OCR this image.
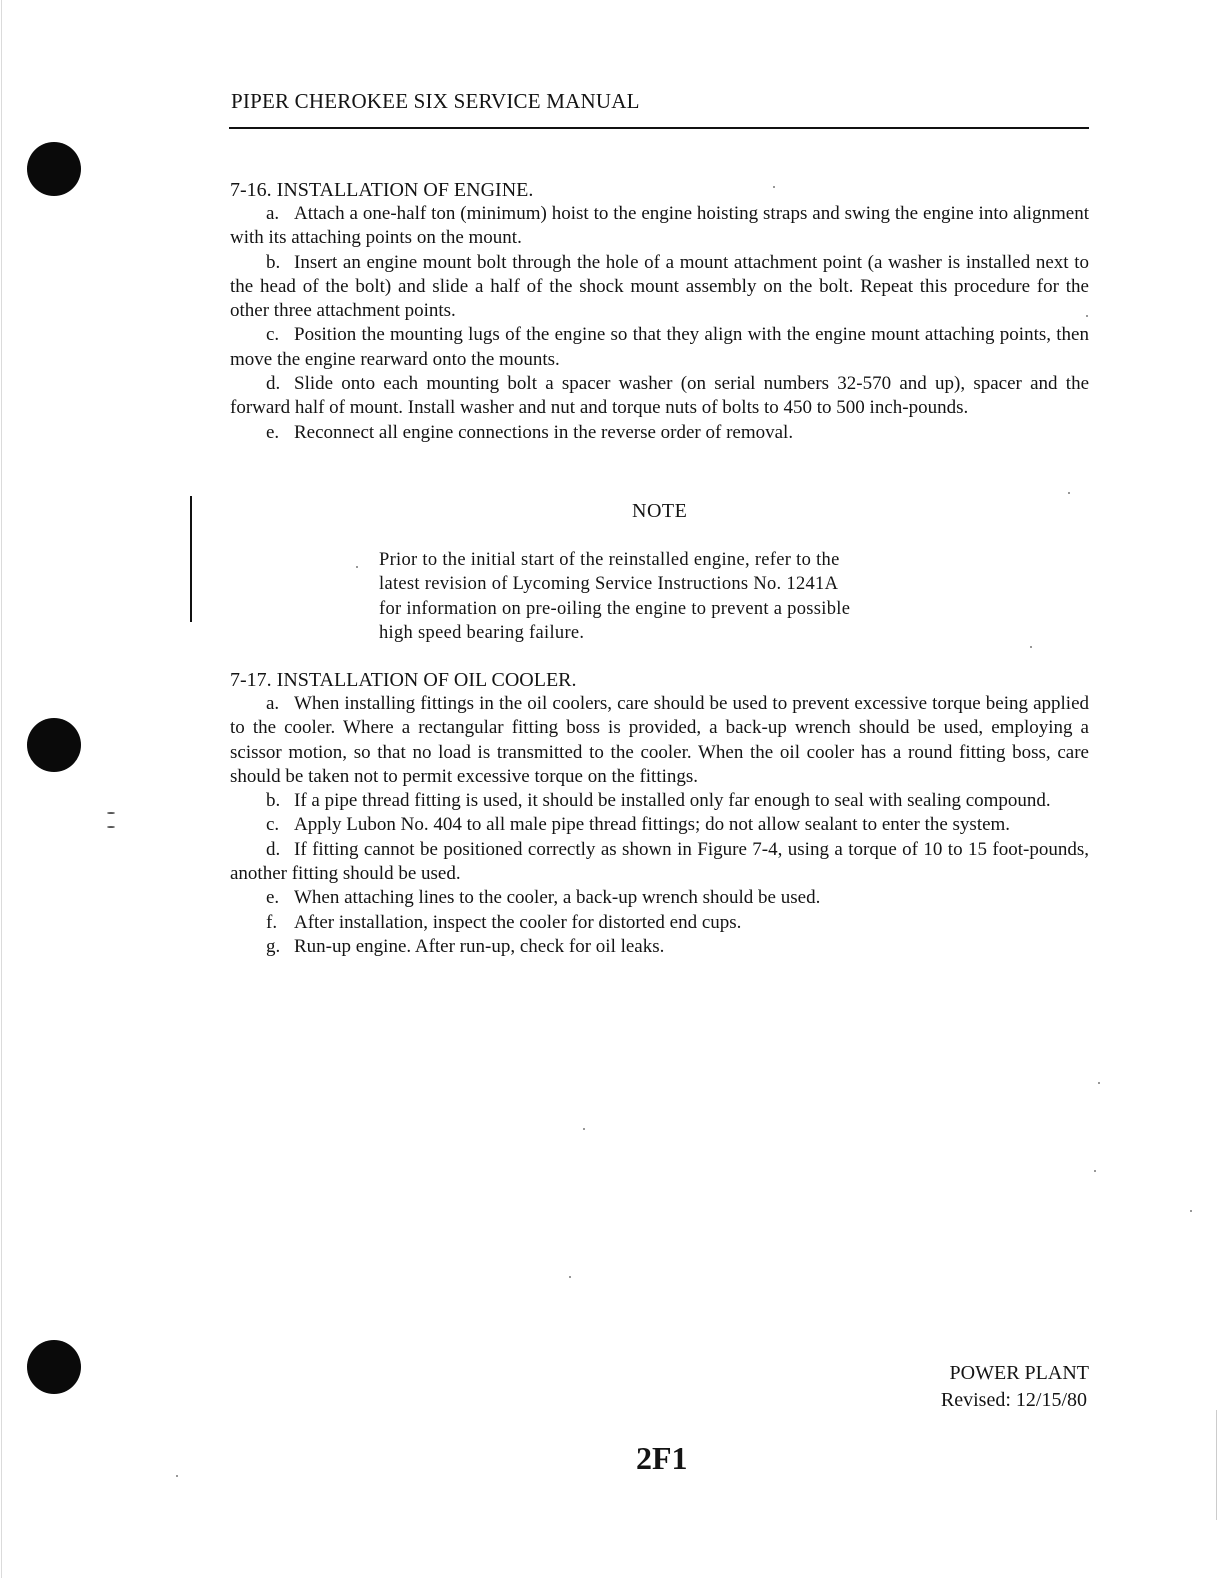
PIPER CHEROKEE SIX SERVICE MANUAL
7-16. INSTALLATION OF ENGINE.

a. Attach a one-half ton (minimum) hoist to the engine hoisting straps and swing the engine into alignment with its attaching points on the mount.

b. Insert an engine mount bolt through the hole of a mount attachment point (a washer is installed next to the head of the bolt) and slide a half of the shock mount assembly on the bolt. Repeat this procedure for the other three attachment points.

c. Position the mounting lugs of the engine so that they align with the engine mount attaching points, then move the engine rearward onto the mounts.

d. Slide onto each mounting bolt a spacer washer (on serial numbers 32-570 and up), spacer and the forward half of mount. Install washer and nut and torque nuts of bolts to 450 to 500 inch-pounds.

e. Reconnect all engine connections in the reverse order of removal.

NOTE
Prior to the initial start of the reinstalled engine, refer to the
latest revision of Lycoming Service Instructions No. 1241A
for information on pre-oiling the engine to prevent a possible
high speed bearing failure.
7-17. INSTALLATION OF OIL COOLER.

a. When installing fittings in the oil coolers, care should be used to prevent excessive torque being applied to the cooler. Where a rectangular fitting boss is provided, a back-up wrench should be used, employing a scissor motion, so that no load is transmitted to the cooler. When the oil cooler has a round fitting boss, care should be taken not to permit excessive torque on the fittings.

b. If a pipe thread fitting is used, it should be installed only far enough to seal with sealing compound.

c. Apply Lubon No. 404 to all male pipe thread fittings; do not allow sealant to enter the system.

d. If fitting cannot be positioned correctly as shown in Figure 7-4, using a torque of 10 to 15 foot-pounds, another fitting should be used.

e. When attaching lines to the cooler, a back-up wrench should be used.

f. After installation, inspect the cooler for distorted end cups.

g. Run-up engine. After run-up, check for oil leaks.

POWER PLANT
Revised: 12/15/80
2F1
